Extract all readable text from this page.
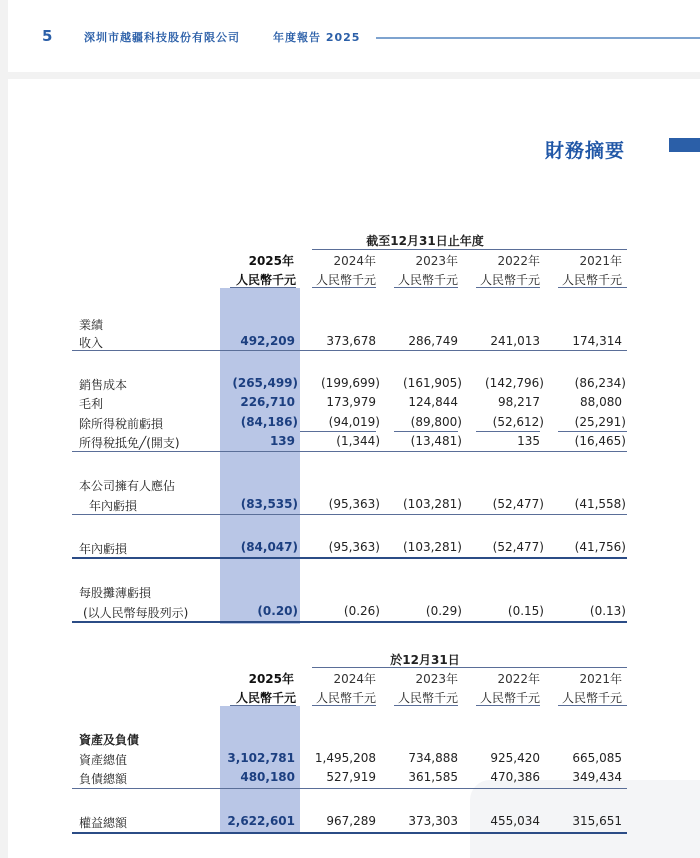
5	深圳市越疆科技股份有限公司	年度報告 2025
財務摘要
截至12月31日止年度
2025年	2024年	2023年	2022年	2021年
人民幣千元	人民幣千元	人民幣千元	人民幣千元	人民幣千元
業績
收入	492,209	373,678	286,749	241,013	174,314
銷售成本	(265,499)	(199,699)	(161,905)	(142,796)	(86,234)
毛利	226,710	173,979	124,844	98,217	88,080
除所得稅前虧損	(84,186)	(94,019)	(89,800)	(52,612)	(25,291)
所得稅抵免╱(開支)	139	(1,344)	(13,481)	135	(16,465)
本公司擁有人應佔
年內虧損	(83,535)	(95,363)	(103,281)	(52,477)	(41,558)
年內虧損	(84,047)	(95,363)	(103,281)	(52,477)	(41,756)
每股攤薄虧損
(以人民幣每股列示)	(0.20)	(0.26)	(0.29)	(0.15)	(0.13)
於12月31日
2025年	2024年	2023年	2022年	2021年
人民幣千元	人民幣千元	人民幣千元	人民幣千元	人民幣千元
資產及負債
資產總值	3,102,781	1,495,208	734,888	925,420	665,085
負債總額	480,180	527,919	361,585	470,386	349,434
權益總額	2,622,601	967,289	373,303	455,034	315,651
